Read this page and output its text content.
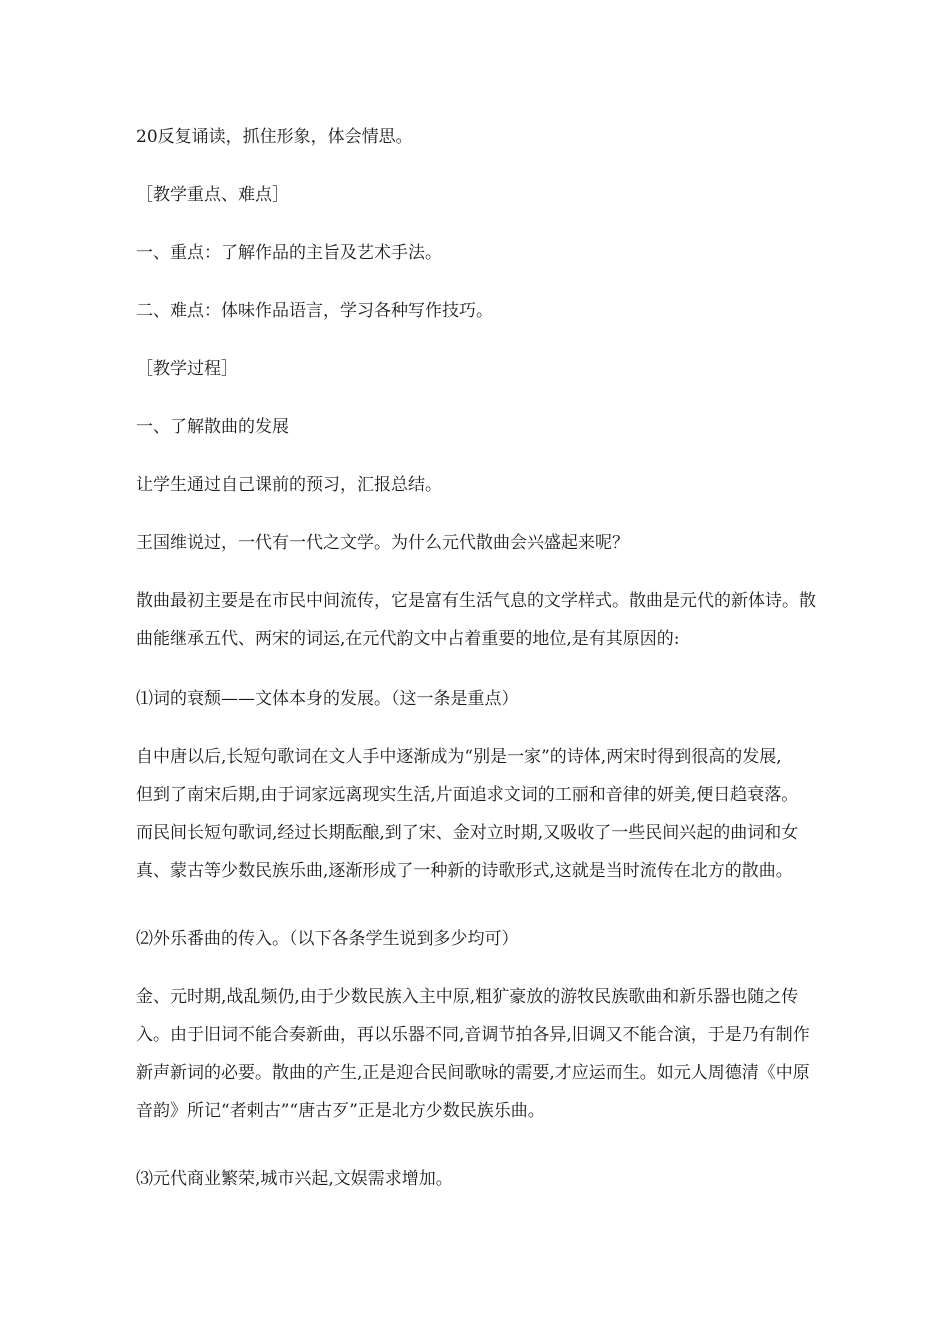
20反复诵读，抓住形象，体会情思。

［教学重点、难点］

一、重点：了解作品的主旨及艺术手法。

二、难点：体味作品语言，学习各种写作技巧。

［教学过程］

一、了解散曲的发展

让学生通过自己课前的预习，汇报总结。

王国维说过，一代有一代之文学。为什么元代散曲会兴盛起来呢？

散曲最初主要是在市民中间流传，它是富有生活气息的文学样式。散曲是元代的新体诗。散
曲能继承五代、两宋的词运,在元代韵文中占着重要的地位,是有其原因的:

⑴词的衰颓——文体本身的发展。（这一条是重点）

自中唐以后,长短句歌词在文人手中逐渐成为“别是一家”的诗体,两宋时得到很高的发展,
但到了南宋后期,由于词家远离现实生活,片面追求文词的工丽和音律的妍美,便日趋衰落。
而民间长短句歌词,经过长期酝酿,到了宋、金对立时期,又吸收了一些民间兴起的曲词和女
真、蒙古等少数民族乐曲,逐渐形成了一种新的诗歌形式,这就是当时流传在北方的散曲。

⑵外乐番曲的传入。（以下各条学生说到多少均可）

金、元时期,战乱频仍,由于少数民族入主中原,粗犷豪放的游牧民族歌曲和新乐器也随之传
入。由于旧词不能合奏新曲，再以乐器不同,音调节拍各异,旧调又不能合演，于是乃有制作
新声新词的必要。散曲的产生,正是迎合民间歌咏的需要,才应运而生。如元人周德清《中原
音韵》所记“者剌古”“唐古歹”正是北方少数民族乐曲。

⑶元代商业繁荣,城市兴起,文娱需求增加。
